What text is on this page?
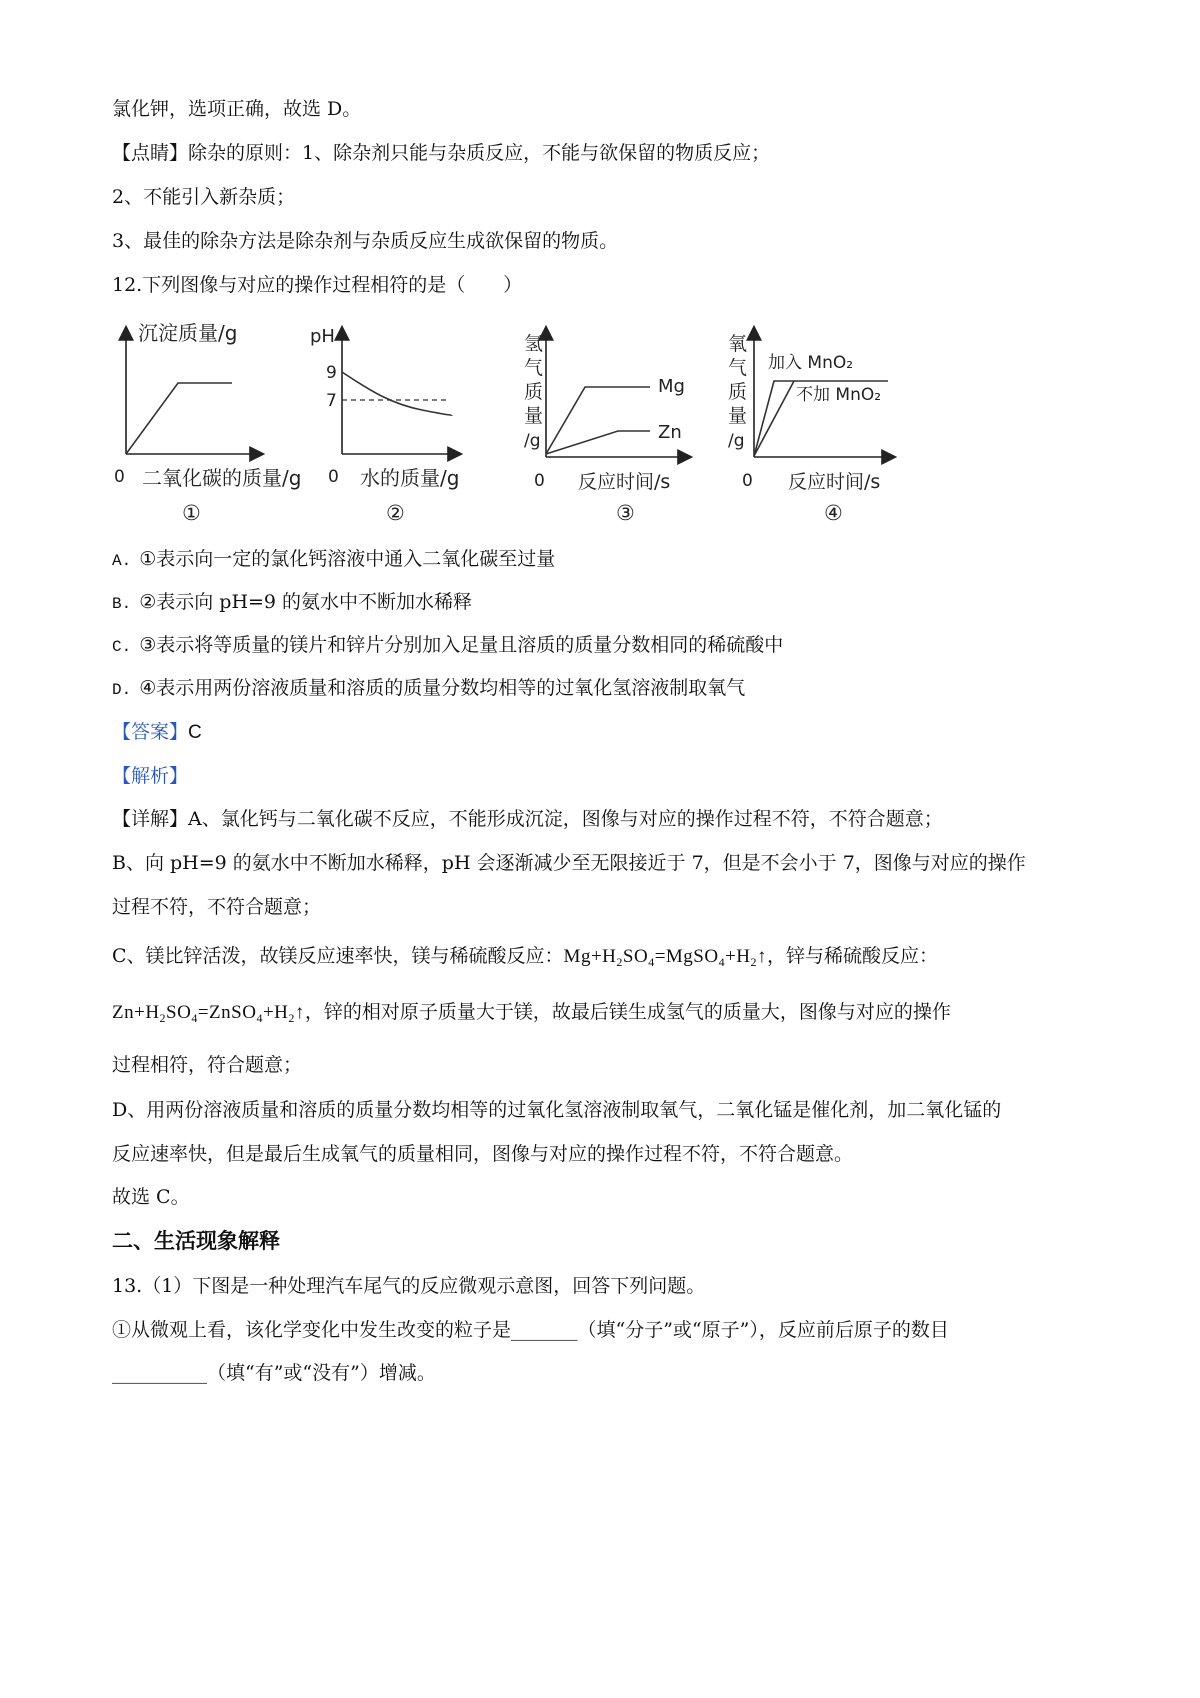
氯化钾，选项正确，故选 D。
【点睛】除杂的原则：1、除杂剂只能与杂质反应，不能与欲保留的物质反应；
2、不能引入新杂质；
3、最佳的除杂方法是除杂剂与杂质反应生成欲保留的物质。
12.下列图像与对应的操作过程相符的是（　　）
沉淀质量/g
0 二氧化碳的质量/g
①
pH
9
7
0 水的质量/g
②
氢
气
质
量
/g
Mg
Zn
0 反应时间/s
③
氧
气
质
量
/g
加入 MnO₂
不加 MnO₂
0 反应时间/s
④
A. ①表示向一定的氯化钙溶液中通入二氧化碳至过量
B. ②表示向 pH=9 的氨水中不断加水稀释
C. ③表示将等质量的镁片和锌片分别加入足量且溶质的质量分数相同的稀硫酸中
D. ④表示用两份溶液质量和溶质的质量分数均相等的过氧化氢溶液制取氧气
【答案】C
【解析】
【详解】A、氯化钙与二氧化碳不反应，不能形成沉淀，图像与对应的操作过程不符，不符合题意；
B、向 pH=9 的氨水中不断加水稀释，pH 会逐渐减少至无限接近于 7，但是不会小于 7，图像与对应的操作
过程不符，不符合题意；
C、镁比锌活泼，故镁反应速率快，镁与稀硫酸反应：$Mg+H_2SO_4=MgSO_4+H_2↑$，锌与稀硫酸反应：
$Zn+H_2SO_4=ZnSO_4+H_2↑$，锌的相对原子质量大于镁，故最后镁生成氢气的质量大，图像与对应的操作
过程相符，符合题意；
D、用两份溶液质量和溶质的质量分数均相等的过氧化氢溶液制取氧气，二氧化锰是催化剂，加二氧化锰的
反应速率快，但是最后生成氧气的质量相同，图像与对应的操作过程不符，不符合题意。
故选 C。
二、生活现象解释
13.（1）下图是一种处理汽车尾气的反应微观示意图，回答下列问题。
①从微观上看，该化学变化中发生改变的粒子是_______（填“分子”或“原子”），反应前后原子的数目
__________（填“有”或“没有”）增减。
